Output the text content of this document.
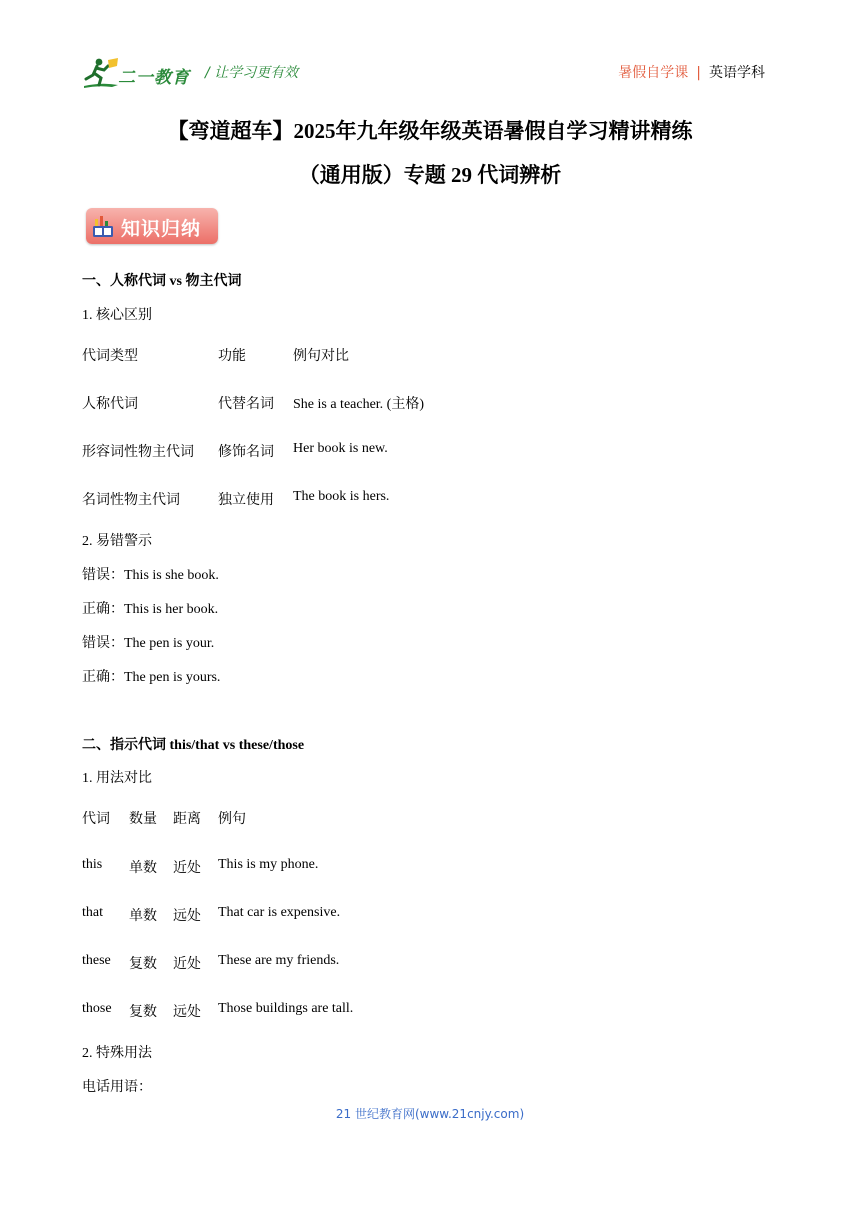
二一教育 / 让学习更有效	暑假自学课 | 英语学科
【弯道超车】2025年九年级年级英语暑假自学习精讲精练
（通用版）专题 29 代词辨析
知识归纳
一、人称代词 vs 物主代词
1. 核心区别
代词类型	功能	例句对比
人称代词	代替名词 She is a teacher. (主格)
形容词性物主代词 修饰名词 Her book is new.
名词性物主代词	独立使用 The book is hers.
2. 易错警示
错误：This is she book.
正确：This is her book.
错误：The pen is your.
正确：The pen is yours.
二、指示代词 this/that vs these/those
1. 用法对比
代词 数量 距离 例句
this 单数 近处 This is my phone.
that 单数 远处 That car is expensive.
these 复数 近处 These are my friends.
those 复数 远处 Those buildings are tall.
2. 特殊用法
电话用语：
21 世纪教育网(www.21cnjy.com)
